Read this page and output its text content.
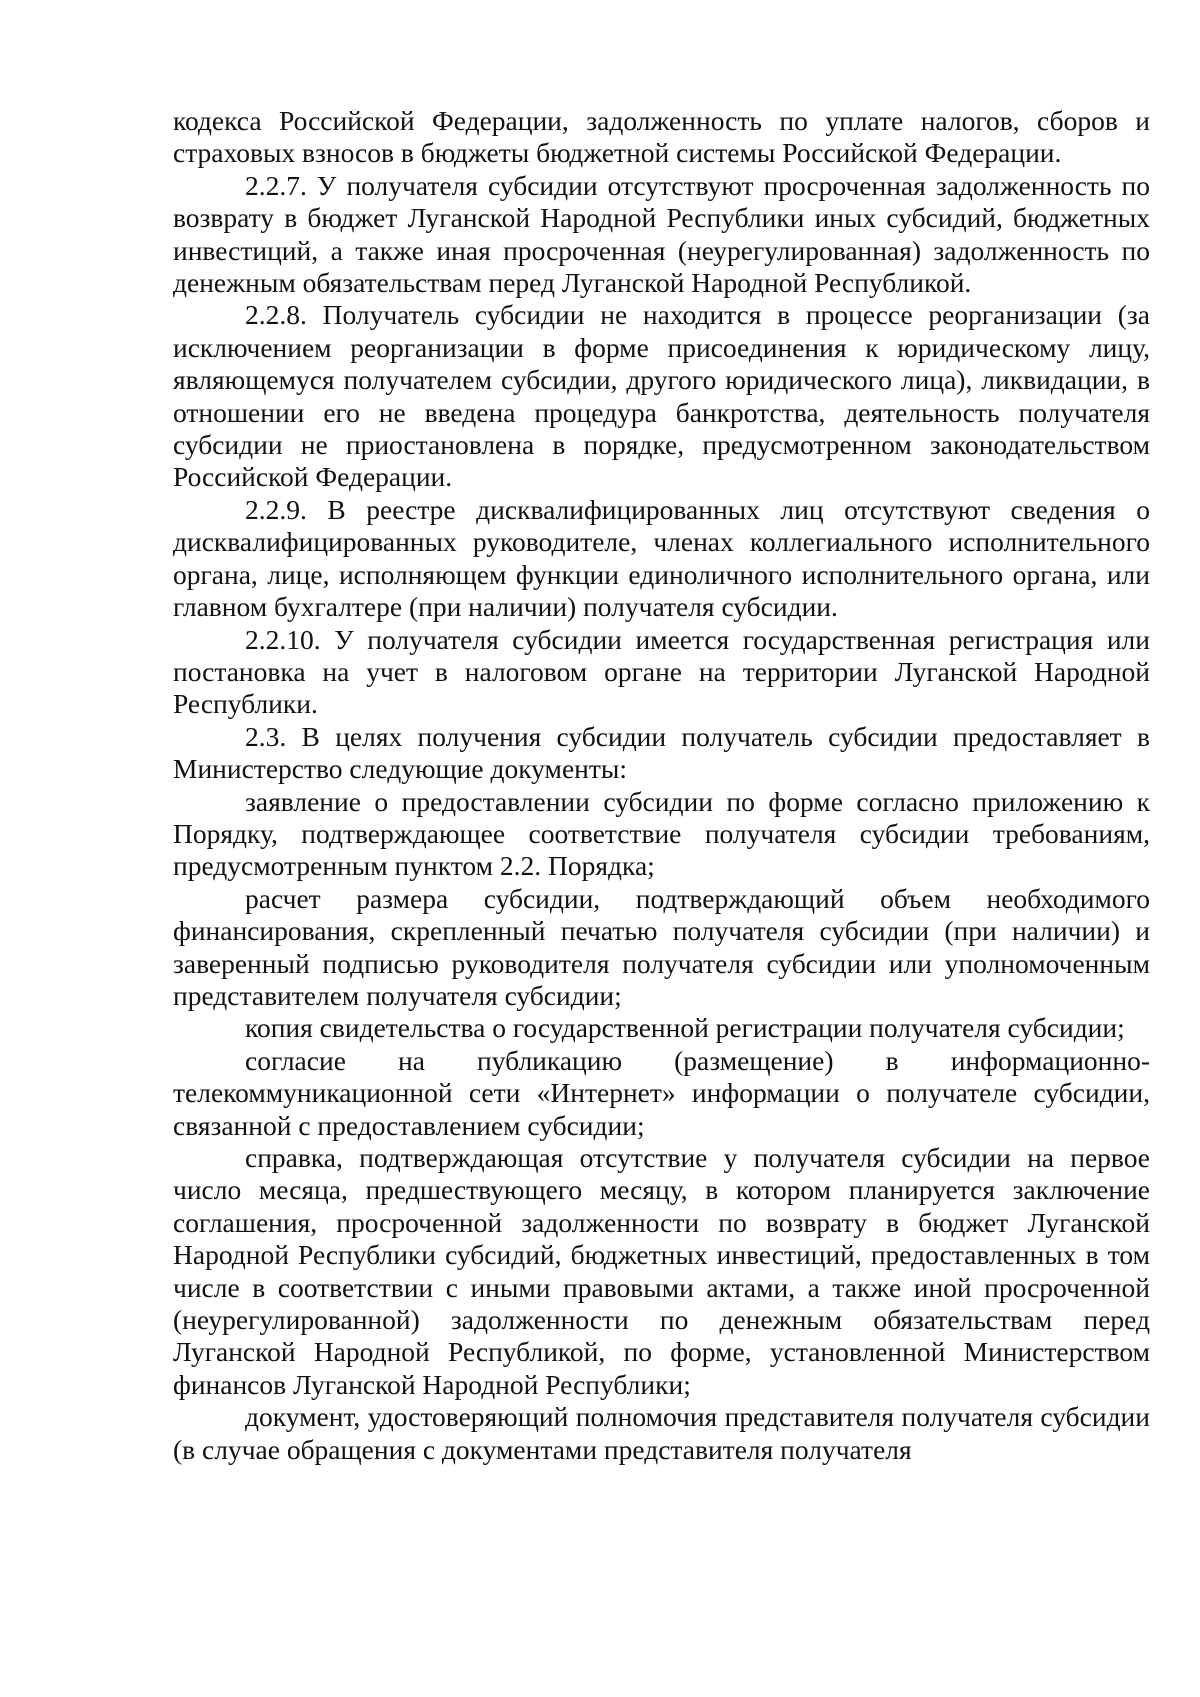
кодекса Российской Федерации, задолженность по уплате налогов, сборов и страховых взносов в бюджеты бюджетной системы Российской Федерации.

2.2.7. У получателя субсидии отсутствуют просроченная задолженность по возврату в бюджет Луганской Народной Республики иных субсидий, бюджетных инвестиций, а также иная просроченная (неурегулированная) задолженность по денежным обязательствам перед Луганской Народной Республикой.

2.2.8. Получатель субсидии не находится в процессе реорганизации (за исключением реорганизации в форме присоединения к юридическому лицу, являющемуся получателем субсидии, другого юридического лица), ликвидации, в отношении его не введена процедура банкротства, деятельность получателя субсидии не приостановлена в порядке, предусмотренном законодательством Российской Федерации.

2.2.9. В реестре дисквалифицированных лиц отсутствуют сведения о дисквалифицированных руководителе, членах коллегиального исполнительного органа, лице, исполняющем функции единоличного исполнительного органа, или главном бухгалтере (при наличии) получателя субсидии.

2.2.10. У получателя субсидии имеется государственная регистрация или постановка на учет в налоговом органе на территории Луганской Народной Республики.

2.3. В целях получения субсидии получатель субсидии предоставляет в Министерство следующие документы:

заявление о предоставлении субсидии по форме согласно приложению к Порядку, подтверждающее соответствие получателя субсидии требованиям, предусмотренным пунктом 2.2. Порядка;

расчет размера субсидии, подтверждающий объем необходимого финансирования, скрепленный печатью получателя субсидии (при наличии) и заверенный подписью руководителя получателя субсидии или уполномоченным представителем получателя субсидии;

копия свидетельства о государственной регистрации получателя субсидии;

согласие на публикацию (размещение) в информационно-телекоммуникационной сети «Интернет» информации о получателе субсидии, связанной с предоставлением субсидии;

справка, подтверждающая отсутствие у получателя субсидии на первое число месяца, предшествующего месяцу, в котором планируется заключение соглашения, просроченной задолженности по возврату в бюджет Луганской Народной Республики субсидий, бюджетных инвестиций, предоставленных в том числе в соответствии с иными правовыми актами, а также иной просроченной (неурегулированной) задолженности по денежным обязательствам перед Луганской Народной Республикой, по форме, установленной Министерством финансов Луганской Народной Республики;

документ, удостоверяющий полномочия представителя получателя субсидии (в случае обращения с документами представителя получателя
